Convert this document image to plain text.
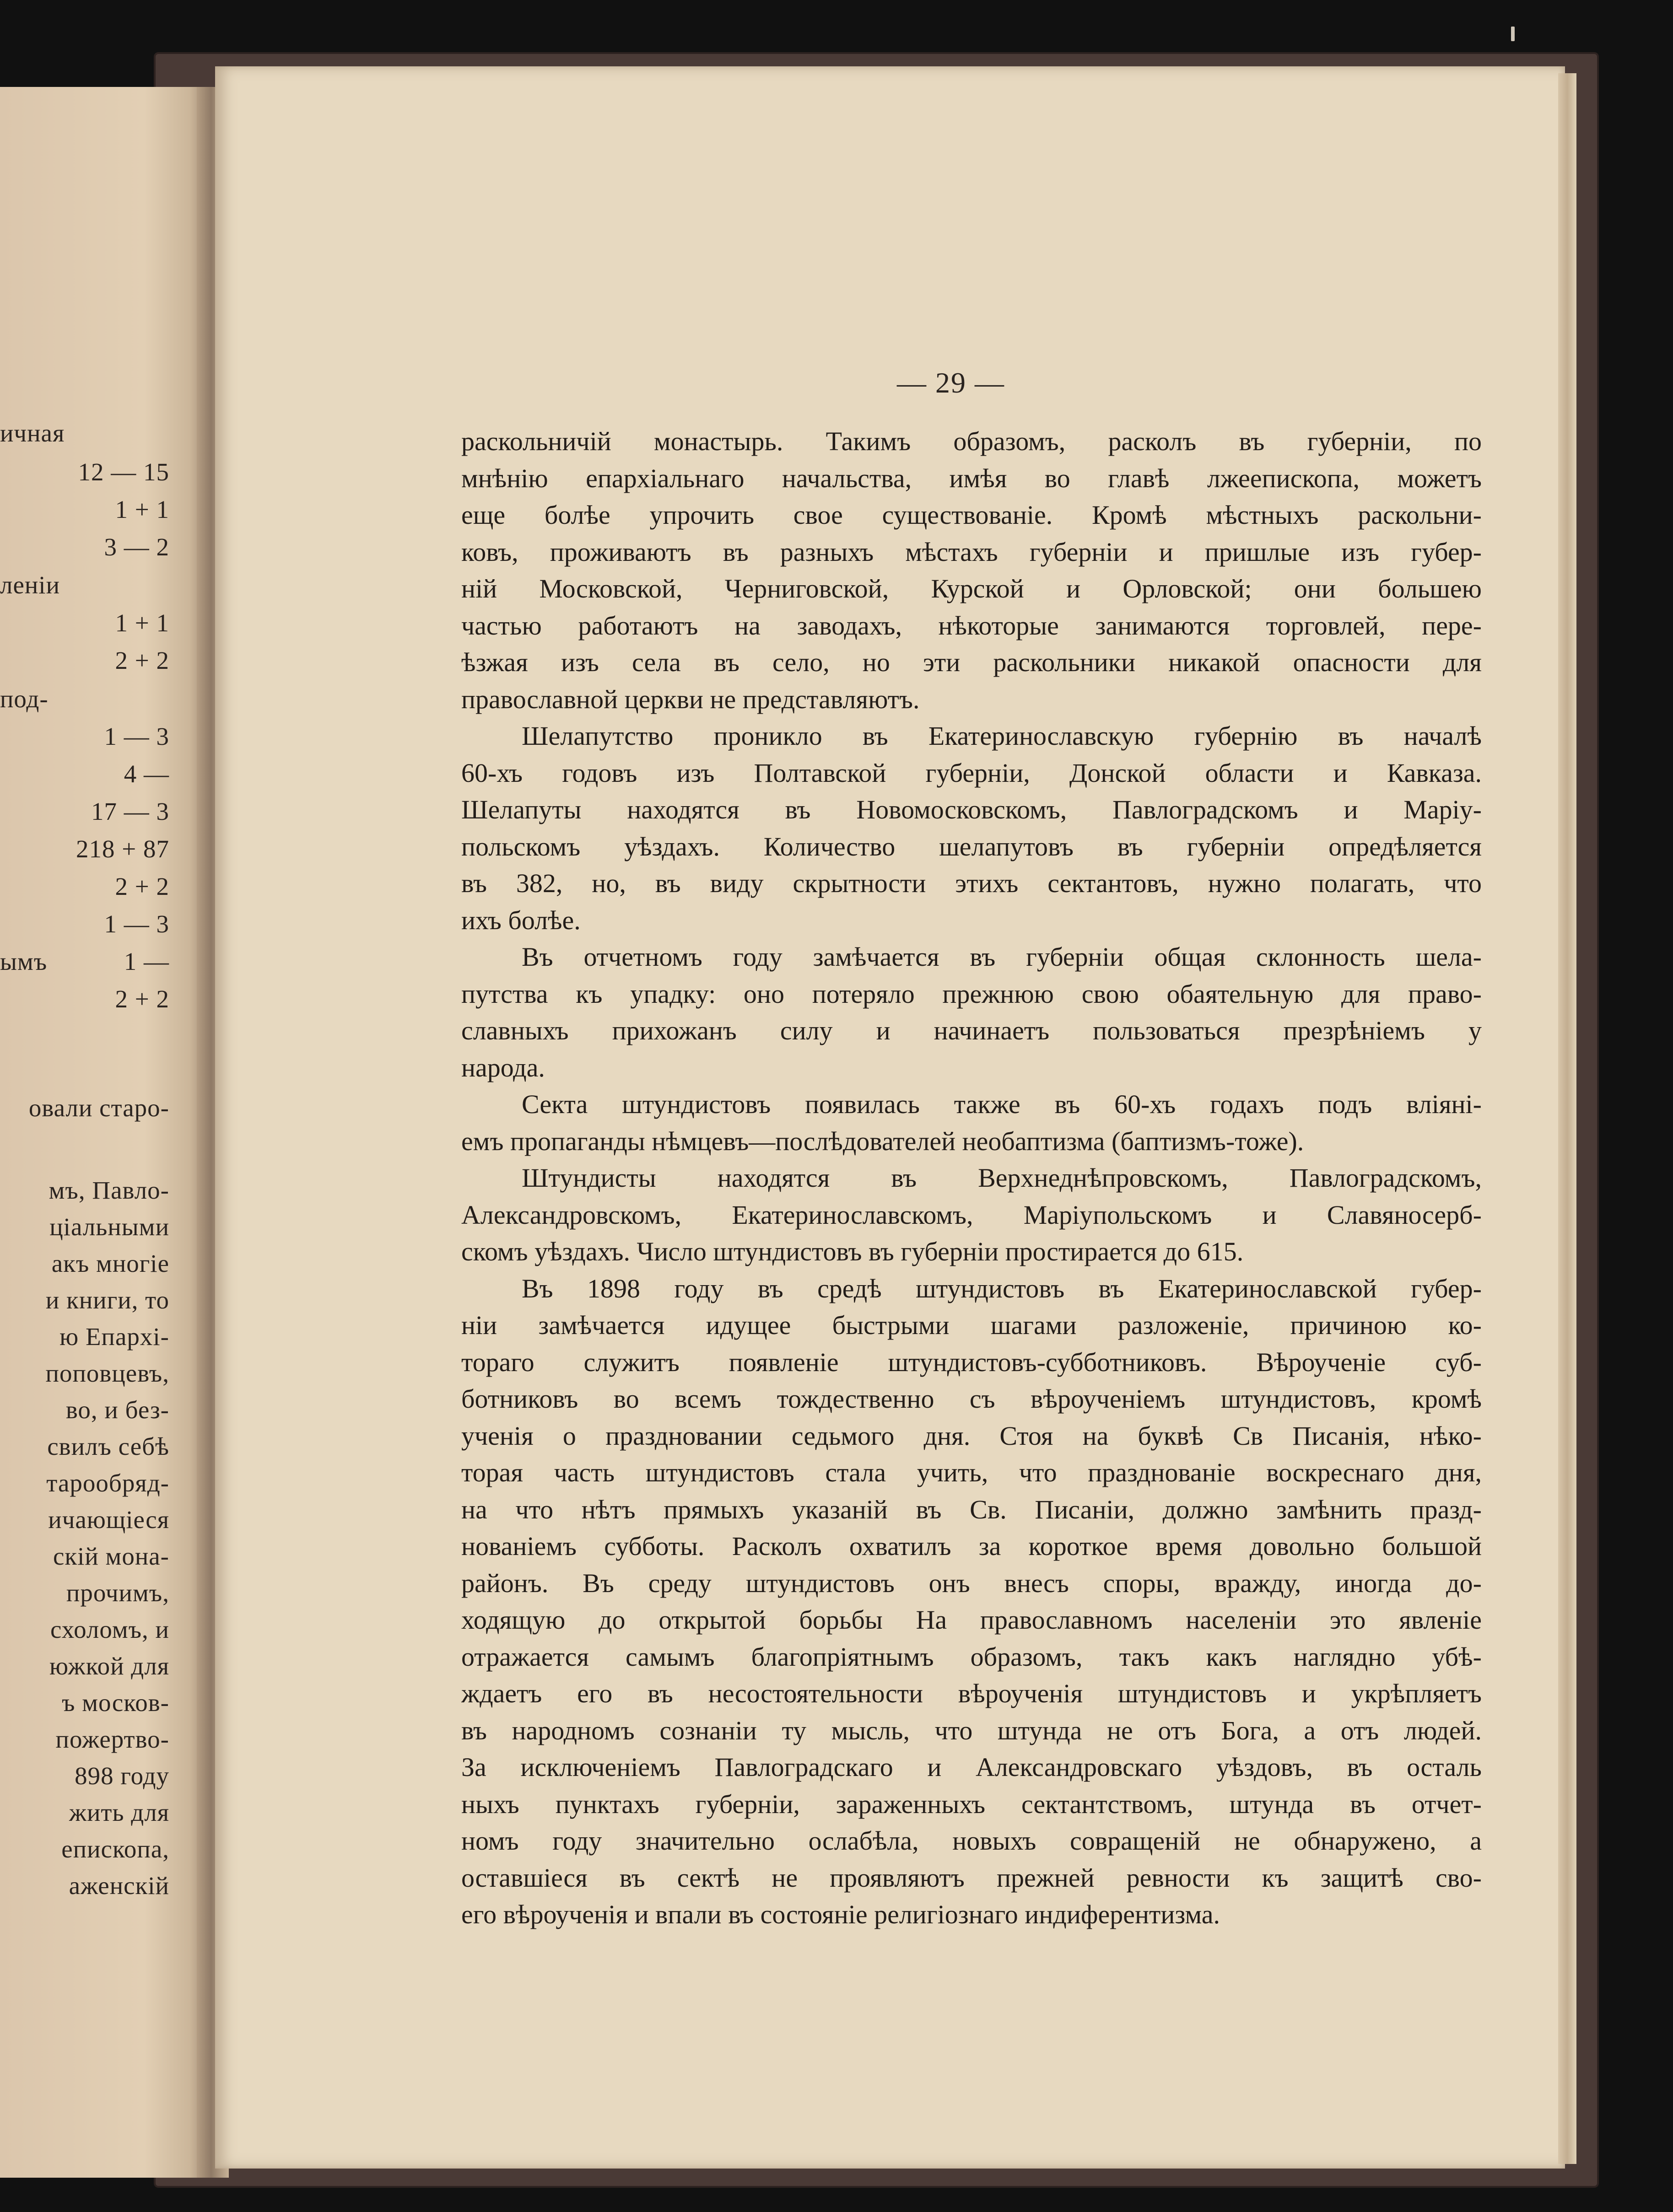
12 — 15
1 + 1
3 — 2
1 + 1
2 + 2
1 — 3
4 —
17 — 3
218 + 87
2 + 2
1 — 3
1 —
2 + 2
ичная
леніи
под-
ымъ
овали старо-
мъ, Павло-
ціальными
акъ многіе
и книги, то
ю Епархі-
поповцевъ,
во, и без-
свилъ себѣ
тарообряд-
ичающіеся
скій мона-
прочимъ,
схоломъ, и
южкой для
ъ москов-
пожертво-
898 году
жить для
епископа,
аженскій
— 29 —

раскольничій монастырь. Такимъ образомъ, расколъ въ губерніи, по
мнѣнію епархіальнаго начальства, имѣя во главѣ лжеепископа, можетъ
еще болѣе упрочить свое существованіе. Кромѣ мѣстныхъ раскольни-
ковъ, проживаютъ въ разныхъ мѣстахъ губерніи и пришлые изъ губер-
ній Московской, Черниговской, Курской и Орловской; они большею
частью работаютъ на заводахъ, нѣкоторые занимаются торговлей, пере-
ѣзжая изъ села въ село, но эти раскольники никакой опасности для
православной церкви не представляютъ.

Шелапутство проникло въ Екатеринославскую губернію въ началѣ
60-хъ годовъ изъ Полтавской губерніи, Донской области и Кавказа.
Шелапуты находятся въ Новомосковскомъ, Павлоградскомъ и Маріу-
польскомъ уѣздахъ. Количество шелапутовъ въ губерніи опредѣляется
въ 382, но, въ виду скрытности этихъ сектантовъ, нужно полагать, что
ихъ болѣе.

Въ отчетномъ году замѣчается въ губерніи общая склонность шела-
путства къ упадку: оно потеряло прежнюю свою обаятельную для право-
славныхъ прихожанъ силу и начинаетъ пользоваться презрѣніемъ у
народа.

Секта штундистовъ появилась также въ 60-хъ годахъ подъ вліяні-
емъ пропаганды нѣмцевъ—послѣдователей необаптизма (баптизмъ-тоже).

Штундисты находятся въ Верхнеднѣпровскомъ, Павлоградскомъ,
Александровскомъ, Екатеринославскомъ, Маріупольскомъ и Славяносерб-
скомъ уѣздахъ. Число штундистовъ въ губерніи простирается до 615.

Въ 1898 году въ средѣ штундистовъ въ Екатеринославской губер-
ніи замѣчается идущее быстрыми шагами разложеніе, причиною ко-
тораго служитъ появленіе штундистовъ-субботниковъ. Вѣроученіе суб-
ботниковъ во всемъ тождественно съ вѣроученіемъ штундистовъ, кромѣ
ученія о праздновании седьмого дня. Стоя на буквѣ Св Писанія, нѣко-
торая часть штундистовъ стала учить, что празднованіе воскреснаго дня,
на что нѣтъ прямыхъ указаній въ Св. Писаніи, должно замѣнить празд-
нованіемъ субботы. Расколъ охватилъ за короткое время довольно большой
районъ. Въ среду штундистовъ онъ внесъ споры, вражду, иногда до-
ходящую до открытой борьбы На православномъ населеніи это явленіе
отражается самымъ благопріятнымъ образомъ, такъ какъ наглядно убѣ-
ждаетъ его въ несостоятельности вѣроученія штундистовъ и укрѣпляетъ
въ народномъ сознаніи ту мысль, что штунда не отъ Бога, а отъ людей.
За исключеніемъ Павлоградскаго и Александровскаго уѣздовъ, въ осталь
ныхъ пунктахъ губерніи, зараженныхъ сектантствомъ, штунда въ отчет-
номъ году значительно ослабѣла, новыхъ совращеній не обнаружено, а
оставшіеся въ сектѣ не проявляютъ прежней ревности къ защитѣ сво-
его вѣроученія и впали въ состояніе религіознаго индиферентизма.
